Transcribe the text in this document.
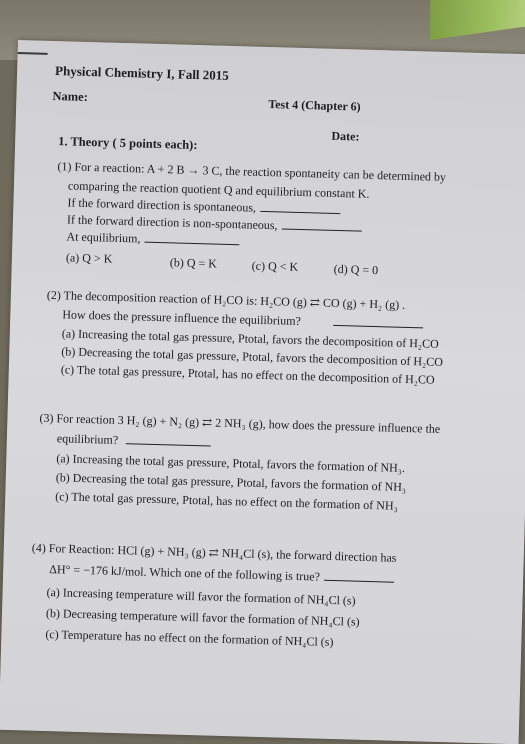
Physical Chemistry I, Fall 2015
Name:
Test 4 (Chapter 6)
Date:
1. Theory ( 5 points each):
(1) For a reaction: A + 2 B → 3 C, the reaction spontaneity can be determined by
comparing the reaction quotient Q and equilibrium constant K.
If the forward direction is spontaneous,
If the forward direction is non-spontaneous,
At equilibrium,
(a) Q > K	(b) Q = K	(c) Q < K	(d) Q = 0
(2) The decomposition reaction of H₂CO is: H₂CO (g) ⇄ CO (g) + H₂ (g) .
How does the pressure influence the equilibrium?
(a) Increasing the total gas pressure, Ptotal, favors the decomposition of H₂CO
(b) Decreasing the total gas pressure, Ptotal, favors the decomposition of H₂CO
(c) The total gas pressure, Ptotal, has no effect on the decomposition of H₂CO
(3) For reaction 3 H₂ (g) + N₂ (g) ⇄ 2 NH₃ (g), how does the pressure influence the
equilibrium?
(a) Increasing the total gas pressure, Ptotal, favors the formation of NH₃.
(b) Decreasing the total gas pressure, Ptotal, favors the formation of NH₃
(c) The total gas pressure, Ptotal, has no effect on the formation of NH₃
(4) For Reaction: HCl (g) + NH₃ (g) ⇄ NH₄Cl (s), the forward direction has
ΔH° = −176 kJ/mol. Which one of the following is true?
(a) Increasing temperature will favor the formation of NH₄Cl (s)
(b) Decreasing temperature will favor the formation of NH₄Cl (s)
(c) Temperature has no effect on the formation of NH₄Cl (s)
